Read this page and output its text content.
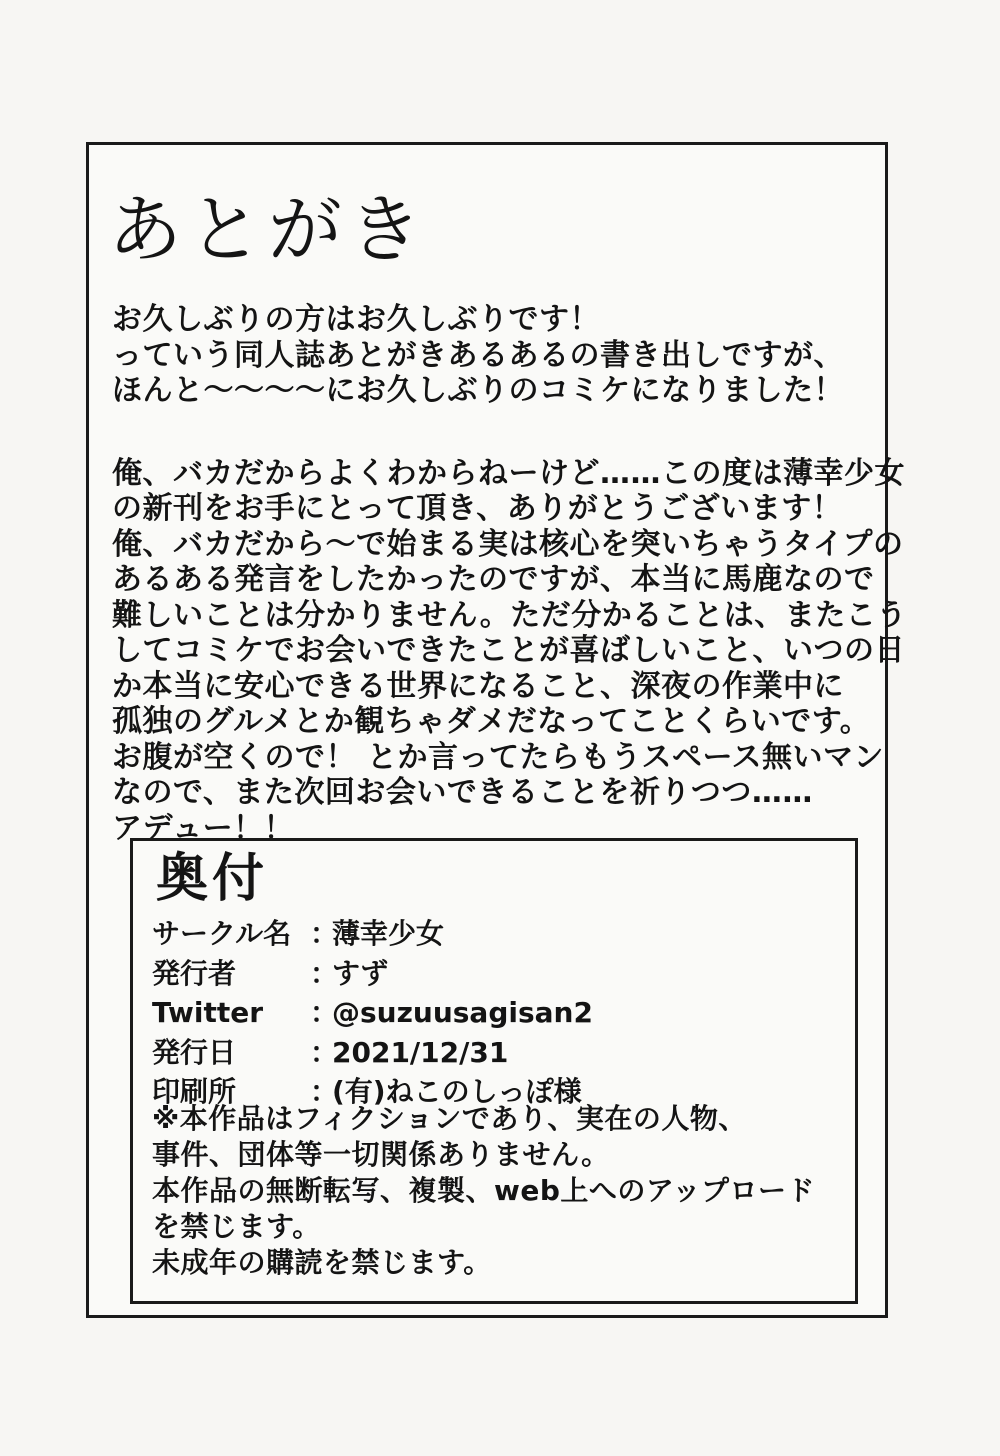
あとがき

お久しぶりの方はお久しぶりです！
っていう同人誌あとがきあるあるの書き出しですが、
ほんと〜〜〜〜にお久しぶりのコミケになりました！

俺、バカだからよくわからねーけど……この度は薄幸少女
の新刊をお手にとって頂き、ありがとうございます！
俺、バカだから〜で始まる実は核心を突いちゃうタイプの
あるある発言をしたかったのですが、本当に馬鹿なので
難しいことは分かりません。ただ分かることは、またこう
してコミケでお会いできたことが喜ばしいこと、いつの日
か本当に安心できる世界になること、深夜の作業中に
孤独のグルメとか観ちゃダメだなってことくらいです。
お腹が空くので！ とか言ってたらもうスペース無いマン
なので、また次回お会いできることを祈りつつ……
アデュー！！

奥付
サークル名 ：
薄幸少女
発行者	：
すず
Twitter ：
@suzuusagisan2
発行日	：
2021/12/31
印刷所	：
(有)ねこのしっぽ様
※本作品はフィクションであり、実在の人物、
事件、団体等一切関係ありません。
本作品の無断転写、複製、web上へのアップロード
を禁じます。
未成年の購読を禁じます。
